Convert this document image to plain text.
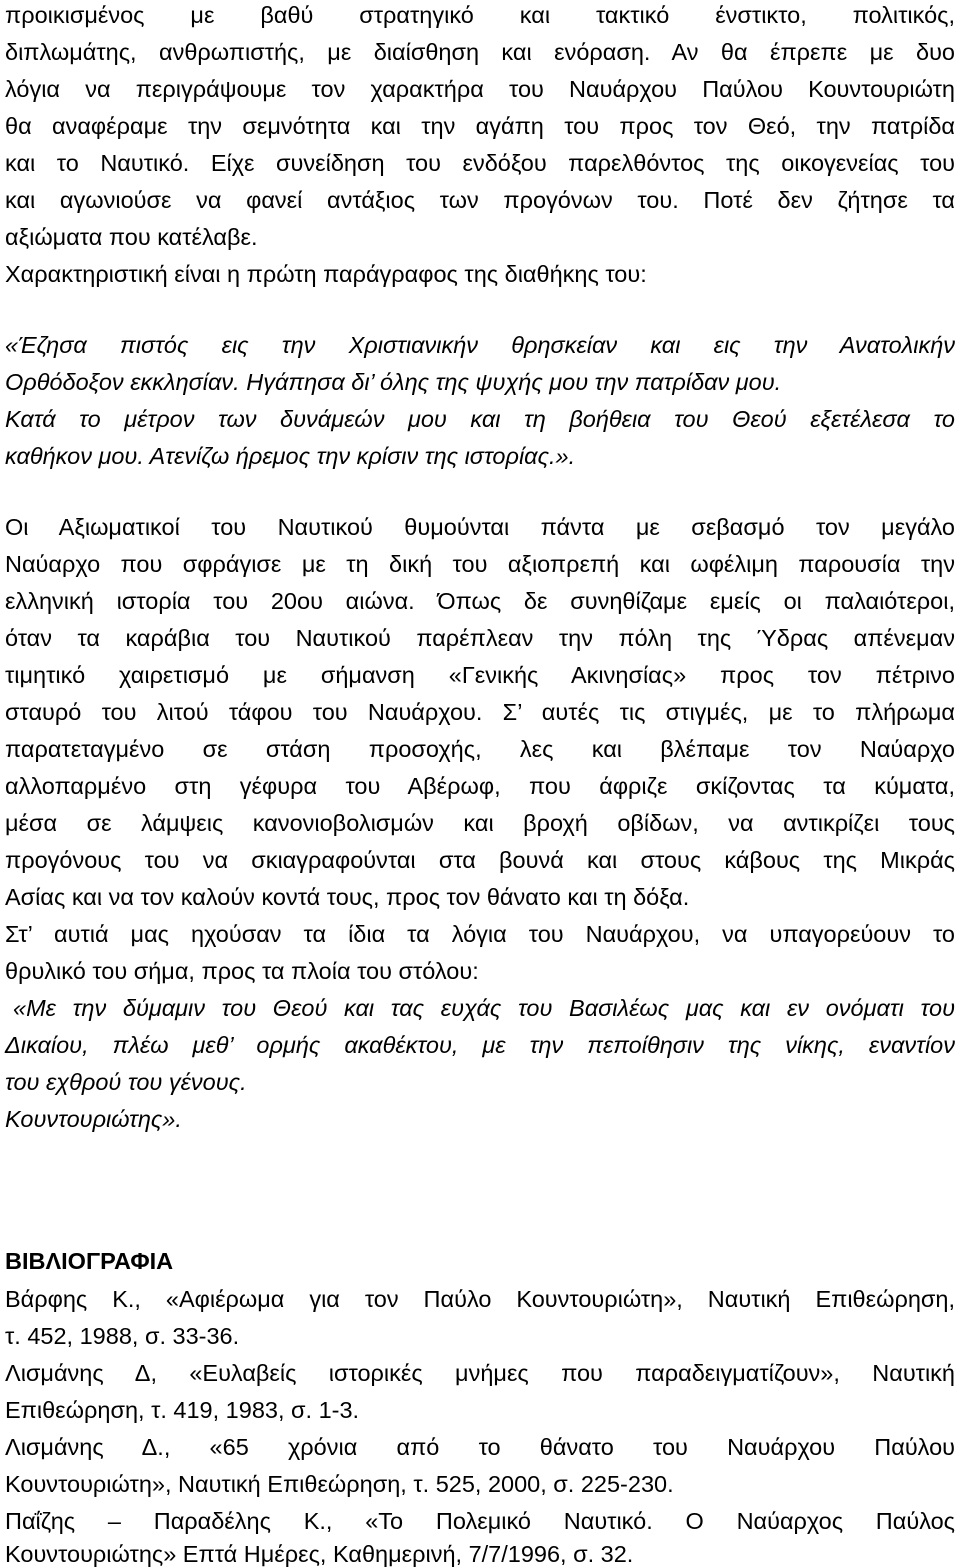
προικισμένος με βαθύ στρατηγικό και τακτικό ένστικτο, πολιτικός,
διπλωμάτης, ανθρωπιστής, με διαίσθηση και ενόραση. Αν θα έπρεπε με δυο
λόγια να περιγράψουμε τον χαρακτήρα του Ναυάρχου Παύλου Κουντουριώτη
θα αναφέραμε την σεμνότητα και την αγάπη του προς τον Θεό, την πατρίδα
και το Ναυτικό. Είχε συνείδηση του ενδόξου παρελθόντος της οικογενείας του
και αγωνιούσε να φανεί αντάξιος των προγόνων του. Ποτέ δεν ζήτησε τα
αξιώματα που κατέλαβε.
Χαρακτηριστική είναι η πρώτη παράγραφος της διαθήκης του:
«Έζησα πιστός εις την Χριστιανικήν θρησκείαν και εις την Ανατολικήν
Ορθόδοξον εκκλησίαν. Ηγάπησα δι’ όλης της ψυχής μου την πατρίδαν μου.
Κατά το μέτρον των δυνάμεών μου και τη βοήθεια του Θεού εξετέλεσα το
καθήκον μου. Ατενίζω ήρεμος την κρίσιν της ιστορίας.».
Οι Αξιωματικοί του Ναυτικού θυμούνται πάντα με σεβασμό τον μεγάλο
Ναύαρχο που σφράγισε με τη δική του αξιοπρεπή και ωφέλιμη παρουσία την
ελληνική ιστορία του 20ου αιώνα. Όπως δε συνηθίζαμε εμείς οι παλαιότεροι,
όταν τα καράβια του Ναυτικού παρέπλεαν την πόλη της Ύδρας απένεμαν
τιμητικό χαιρετισμό με σήμανση «Γενικής Ακινησίας» προς τον πέτρινο
σταυρό του λιτού τάφου του Ναυάρχου. Σ’ αυτές τις στιγμές, με το πλήρωμα
παρατεταγμένο σε στάση προσοχής, λες και βλέπαμε τον Ναύαρχο
αλλοπαρμένο στη γέφυρα του Αβέρωφ, που άφριζε σκίζοντας τα κύματα,
μέσα σε λάμψεις κανονιοβολισμών και βροχή οβίδων, να αντικρίζει τους
προγόνους του να σκιαγραφούνται στα βουνά και στους κάβους της Μικράς
Ασίας και να τον καλούν κοντά τους, προς τον θάνατο και τη δόξα.
Στ’ αυτιά μας ηχούσαν τα ίδια τα λόγια του Ναυάρχου, να υπαγορεύουν το
θρυλικό του σήμα, προς τα πλοία του στόλου:
«Με την δύμαμιν του Θεού και τας ευχάς του Βασιλέως μας και εν ονόματι του
Δικαίου, πλέω μεθ’ ορμής ακαθέκτου, με την πεποίθησιν της νίκης, εναντίον
του εχθρού του γένους.
Κουντουριώτης».
ΒΙΒΛΙΟΓΡΑΦΙΑ
Βάρφης Κ., «Αφιέρωμα για τον Παύλο Κουντουριώτη», Ναυτική Επιθεώρηση,
τ. 452, 1988, σ. 33-36.
Λισμάνης Δ, «Ευλαβείς ιστορικές μνήμες που παραδειγματίζουν», Ναυτική
Επιθεώρηση, τ. 419, 1983, σ. 1-3.
Λισμάνης Δ., «65 χρόνια από το θάνατο του Ναυάρχου Παύλου
Κουντουριώτη», Ναυτική Επιθεώρηση, τ. 525, 2000, σ. 225-230.
Παΐζης – Παραδέλης Κ., «Το Πολεμικό Ναυτικό. Ο Ναύαρχος Παύλος
Κουντουριώτης» Επτά Ημέρες, Καθημερινή, 7/7/1996, σ. 32.
